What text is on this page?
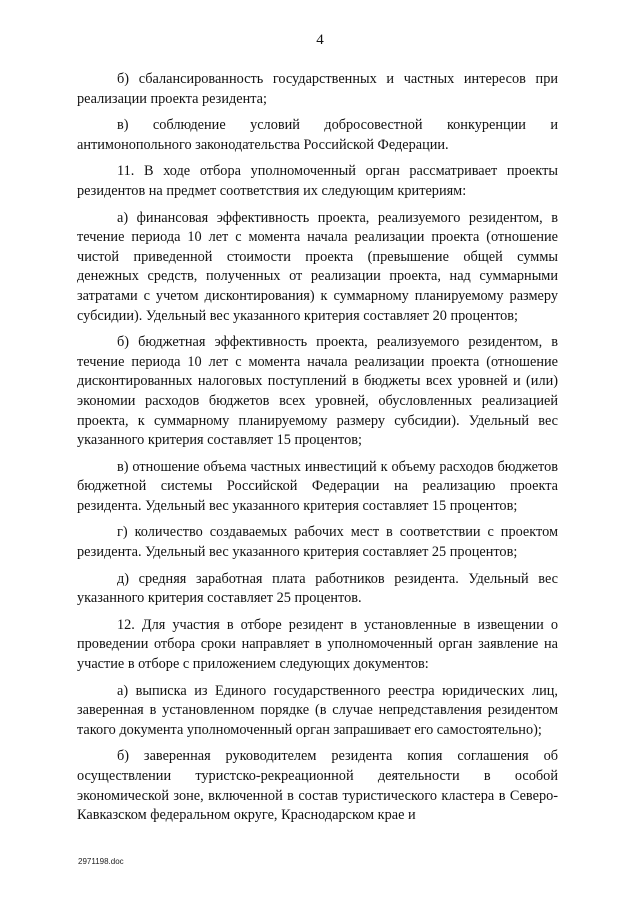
4

б) сбалансированность государственных и частных интересов при реализации проекта резидента;

в) соблюдение условий добросовестной конкуренции и антимонопольного законодательства Российской Федерации.

11. В ходе отбора уполномоченный орган рассматривает проекты резидентов на предмет соответствия их следующим критериям:

а) финансовая эффективность проекта, реализуемого резидентом, в течение периода 10 лет с момента начала реализации проекта (отношение чистой приведенной стоимости проекта (превышение общей суммы денежных средств, полученных от реализации проекта, над суммарными затратами с учетом дисконтирования) к суммарному планируемому размеру субсидии). Удельный вес указанного критерия составляет 20 процентов;

б) бюджетная эффективность проекта, реализуемого резидентом, в течение периода 10 лет с момента начала реализации проекта (отношение дисконтированных налоговых поступлений в бюджеты всех уровней и (или) экономии расходов бюджетов всех уровней, обусловленных реализацией проекта, к суммарному планируемому размеру субсидии). Удельный вес указанного критерия составляет 15 процентов;

в) отношение объема частных инвестиций к объему расходов бюджетов бюджетной системы Российской Федерации на реализацию проекта резидента. Удельный вес указанного критерия составляет 15 процентов;

г) количество создаваемых рабочих мест в соответствии с проектом резидента. Удельный вес указанного критерия составляет 25 процентов;

д) средняя заработная плата работников резидента. Удельный вес указанного критерия составляет 25 процентов.

12. Для участия в отборе резидент в установленные в извещении о проведении отбора сроки направляет в уполномоченный орган заявление на участие в отборе с приложением следующих документов:

а) выписка из Единого государственного реестра юридических лиц, заверенная в установленном порядке (в случае непредставления резидентом такого документа уполномоченный орган запрашивает его самостоятельно);

б) заверенная руководителем резидента копия соглашения об осуществлении туристско-рекреационной деятельности в особой экономической зоне, включенной в состав туристического кластера в Северо-Кавказском федеральном округе, Краснодарском крае и

2971198.doc
